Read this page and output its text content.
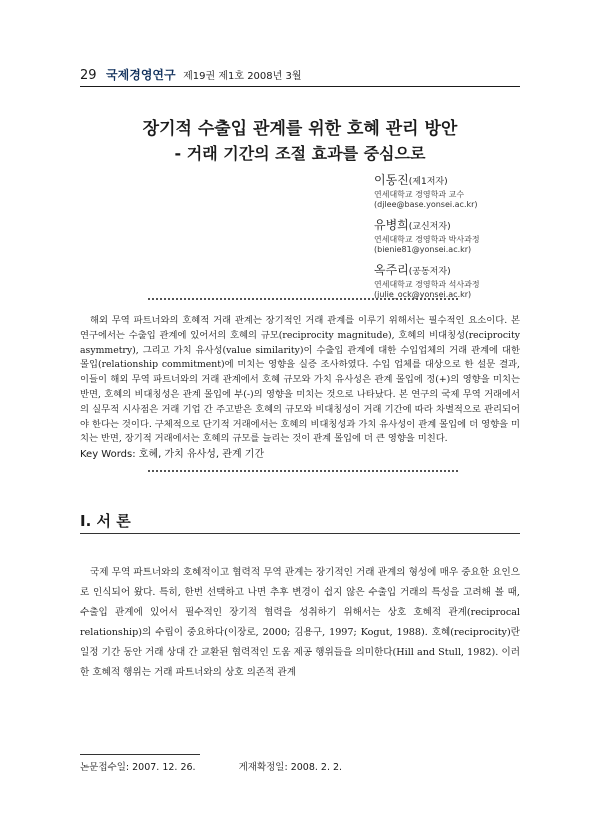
29 국제경영연구 제19권 제1호 2008년 3월
장기적 수출입 관계를 위한 호혜 관리 방안
- 거래 기간의 조절 효과를 중심으로
이동진(제1저자)
연세대학교 경영학과 교수
(djlee@base.yonsei.ac.kr)
유병희(교신저자)
연세대학교 경영학과 박사과정
(bienie81@yonsei.ac.kr)
옥주리(공동저자)
연세대학교 경영학과 석사과정
(julie_ock@yonsei.ac.kr)

해외 무역 파트너와의 호혜적 거래 관계는 장기적인 거래 관계를 이루기 위해서는 필수적인 요소이다. 본 연구에서는 수출입 관계에 있어서의 호혜의 규모(reciprocity magnitude), 호혜의 비대칭성(reciprocity asymmetry), 그리고 가치 유사성(value similarity)이 수출입 관계에 대한 수입업체의 거래 관계에 대한 몰입(relationship commitment)에 미치는 영향을 실증 조사하였다. 수입 업체를 대상으로 한 설문 결과, 이들이 해외 무역 파트너와의 거래 관계에서 호혜 규모와 가치 유사성은 관계 몰입에 정(+)의 영향을 미치는 반면, 호혜의 비대칭성은 관계 몰입에 부(-)의 영향을 미치는 것으로 나타났다. 본 연구의 국제 무역 거래에서의 실무적 시사점은 거래 기업 간 주고받은 호혜의 규모와 비대칭성이 거래 기간에 따라 차별적으로 관리되어야 한다는 것이다. 구체적으로 단기적 거래에서는 호혜의 비대칭성과 가치 유사성이 관계 몰입에 더 영향을 미치는 반면, 장기적 거래에서는 호혜의 규모를 늘리는 것이 관계 몰입에 더 큰 영향을 미친다.

Key Words: 호혜, 가치 유사성, 관계 기간
Ⅰ. 서 론

국제 무역 파트너와의 호혜적이고 협력적 무역 관계는 장기적인 거래 관계의 형성에 매우 중요한 요인으로 인식되어 왔다. 특히, 한번 선택하고 나면 추후 변경이 쉽지 않은 수출입 거래의 특성을 고려해 볼 때, 수출입 관계에 있어서 필수적인 장기적 협력을 성취하기 위해서는 상호 호혜적 관계(reciprocal relationship)의 수립이 중요하다(이장로, 2000; 김용구, 1997; Kogut, 1988). 호혜(reciprocity)란 일정 기간 동안 거래 상대 간 교환된 협력적인 도움 제공 행위들을 의미한다(Hill and Stull, 1982). 이러한 호혜적 행위는 거래 파트너와의 상호 의존적 관계

논문접수일: 2007. 12. 26.	게재확정일: 2008. 2. 2.
